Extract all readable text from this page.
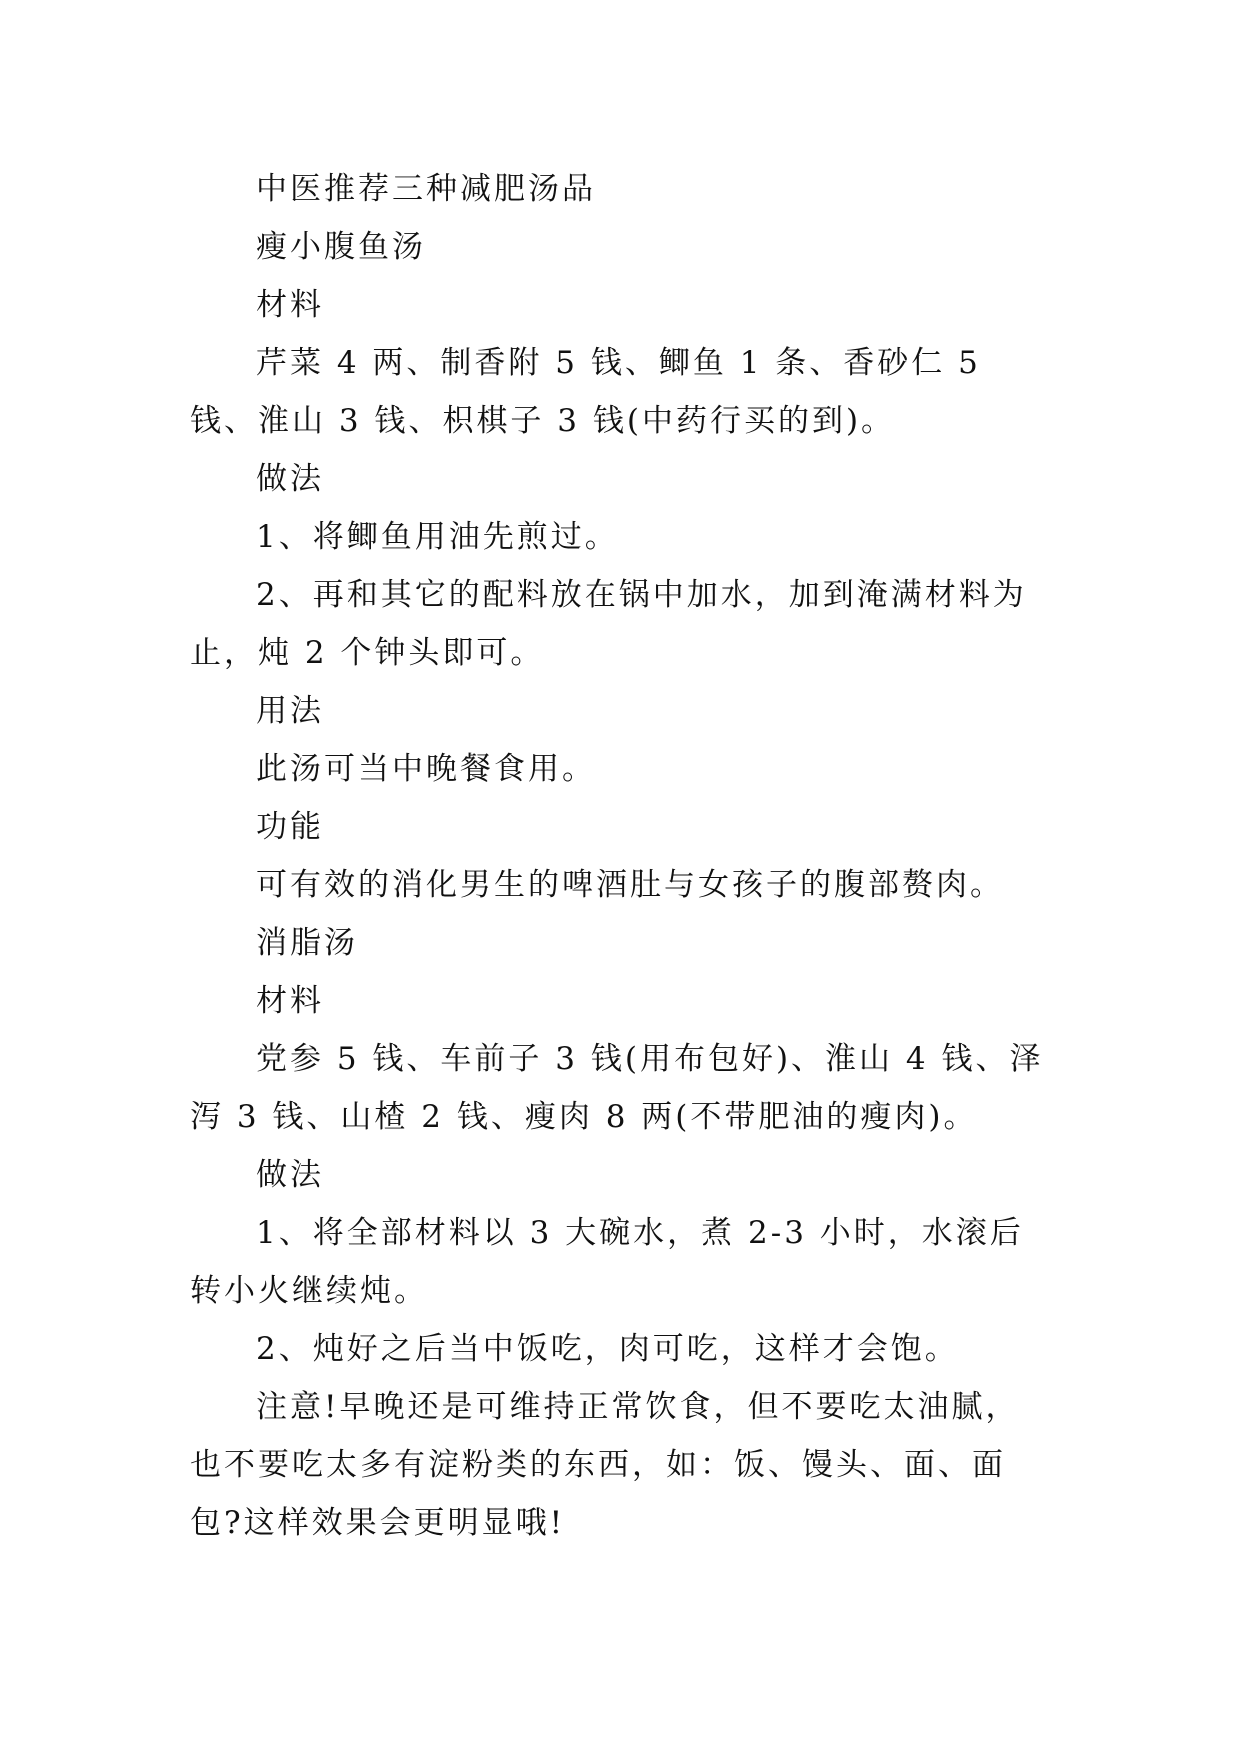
中医推荐三种减肥汤品

瘦小腹鱼汤

材料

芹菜 4 两、制香附 5 钱、鲫鱼 1 条、香砂仁 5 钱、淮山 3 钱、枳棋子 3 钱(中药行买的到)。

做法

1、将鲫鱼用油先煎过。

2、再和其它的配料放在锅中加水，加到淹满材料为止，炖 2 个钟头即可。

用法

此汤可当中晚餐食用。

功能

可有效的消化男生的啤酒肚与女孩子的腹部赘肉。

消脂汤

材料

党参 5 钱、车前子 3 钱(用布包好)、淮山 4 钱、泽泻 3 钱、山楂 2 钱、瘦肉 8 两(不带肥油的瘦肉)。

做法

1、将全部材料以 3 大碗水，煮 2-3 小时，水滚后转小火继续炖。

2、炖好之后当中饭吃，肉可吃，这样才会饱。

注意!早晚还是可维持正常饮食，但不要吃太油腻，也不要吃太多有淀粉类的东西，如：饭、馒头、面、面包?这样效果会更明显哦!
